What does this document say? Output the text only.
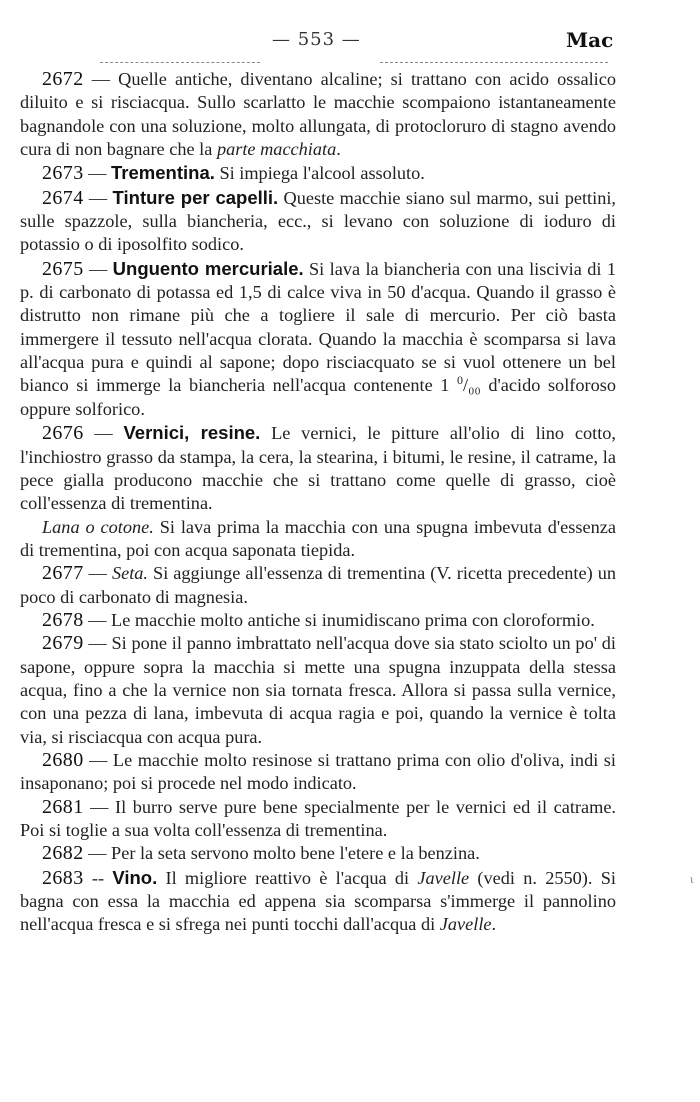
— 553 —	Mac

2672 — Quelle antiche, diventano alcaline; si trattano con acido ossalico diluito e si risciacqua. Sullo scarlatto le macchie scompaiono istantaneamente bagnandole con una soluzione, molto allungata, di protocloruro di stagno avendo cura di non bagnare che la parte macchiata.

2673 — Trementina. Si impiega l'alcool assoluto.

2674 — Tinture per capelli. Queste macchie siano sul marmo, sui pettini, sulle spazzole, sulla biancheria, ecc., si levano con soluzione di ioduro di potassio o di iposolfito sodico.

2675 — Unguento mercuriale. Si lava la biancheria con una liscivia di 1 p. di carbonato di potassa ed 1,5 di calce viva in 50 d'acqua. Quando il grasso è distrutto non rimane più che a togliere il sale di mercurio. Per ciò basta immergere il tessuto nell'acqua clorata. Quando la macchia è scomparsa si lava all'acqua pura e quindi al sapone; dopo risciacquato se si vuol ottenere un bel bianco si immerge la biancheria nell'acqua contenente 1 $^0$/₀₀ d'acido solforoso oppure solforico.

2676 — Vernici, resine. Le vernici, le pitture all'olio di lino cotto, l'inchiostro grasso da stampa, la cera, la stearina, i bitumi, le resine, il catrame, la pece gialla producono macchie che si trattano come quelle di grasso, cioè coll'essenza di trementina.

Lana o cotone. Si lava prima la macchia con una spugna imbevuta d'essenza di trementina, poi con acqua saponata tiepida.

2677 — Seta. Si aggiunge all'essenza di trementina (V. ricetta precedente) un poco di carbonato di magnesia.

2678 — Le macchie molto antiche si inumidiscano prima con cloroformio.

2679 — Si pone il panno imbrattato nell'acqua dove sia stato sciolto un po' di sapone, oppure sopra la macchia si mette una spugna inzuppata della stessa acqua, fino a che la vernice non sia tornata fresca. Allora si passa sulla vernice, con una pezza di lana, imbevuta di acqua ragia e poi, quando la vernice è tolta via, si risciacqua con acqua pura.

2680 — Le macchie molto resinose si trattano prima con olio d'oliva, indi si insaponano; poi si procede nel modo indicato.

2681 — Il burro serve pure bene specialmente per le vernici ed il catrame. Poi si toglie a sua volta coll'essenza di trementina.

2682 — Per la seta servono molto bene l'etere e la benzina.

2683 -- Vino. Il migliore reattivo è l'acqua di Javelle (vedi n. 2550). Si bagna con essa la macchia ed appena sia scomparsa s'immerge il pannolino nell'acqua fresca e si sfrega nei punti tocchi dall'acqua di Javelle.

ι
